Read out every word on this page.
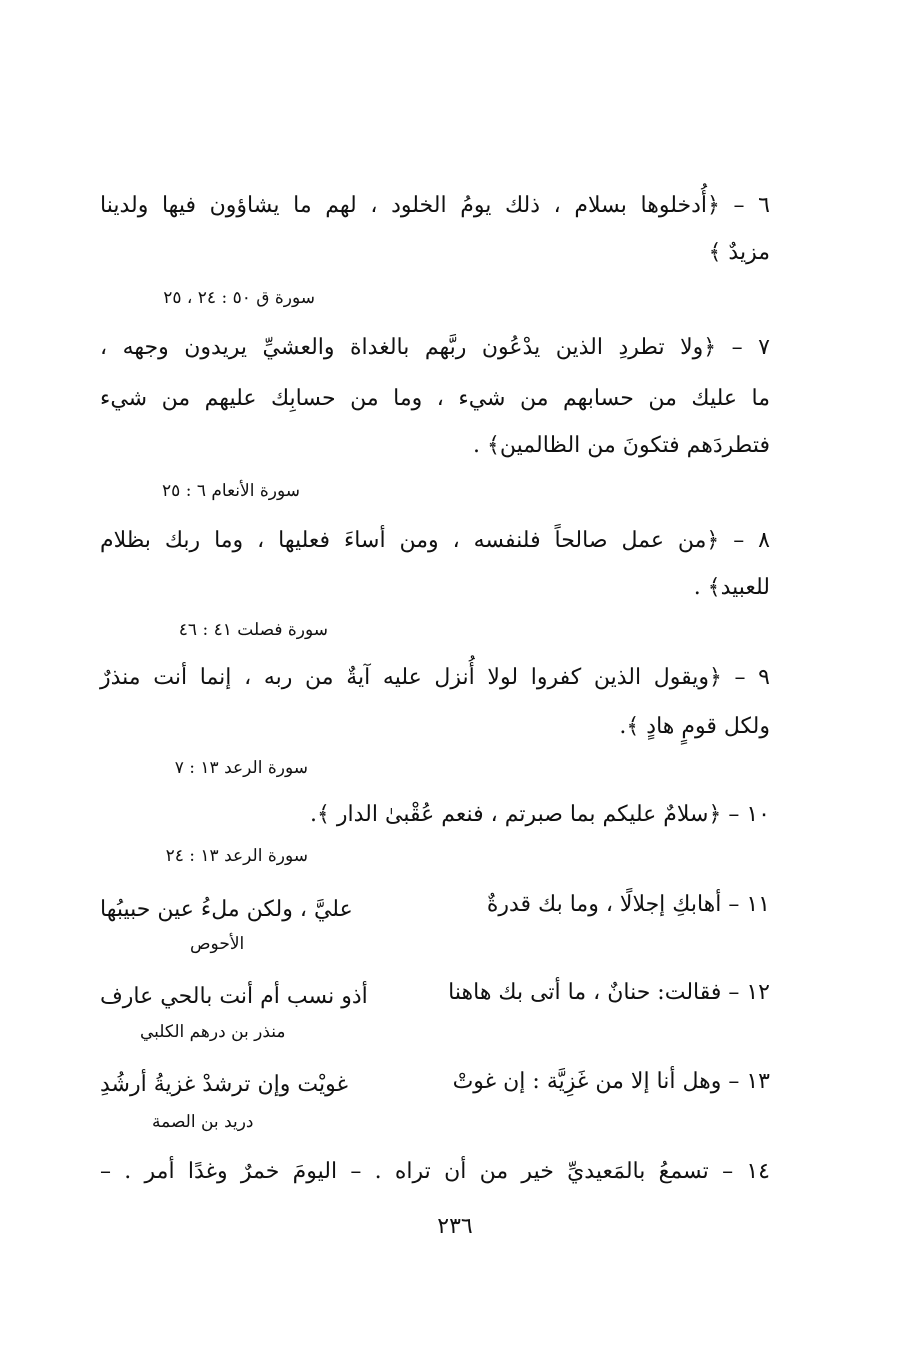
٦ – ﴿أُدخلوها بسلام ، ذلك يومُ الخلود ، لهم ما يشاؤون فيها ولدينا
مزيدٌ ﴾
سورة ق ٥٠ : ٢٤ ، ٢٥
٧ – ﴿ولا تطردِ الذين يدْعُون ربَّهم بالغداة والعشيِّ يريدون وجهه ،
ما عليك من حسابهم من شيء ، وما من حسابِك عليهم من شيء
فتطردَهم فتكونَ من الظالمين﴾ .
سورة الأنعام ٦ : ٢٥
٨ – ﴿من عمل صالحاً فلنفسه ، ومن أساءَ فعليها ، وما ربك بظلام
للعبيد﴾ .
سورة فصلت ٤١ : ٤٦
٩ – ﴿ويقول الذين كفروا لولا أُنزل عليه آيةٌ من ربه ، إنما أنت منذرٌ
ولكل قومٍ هادٍ ﴾.
سورة الرعد ١٣ : ٧
١٠ – ﴿سلامٌ عليكم بما صبرتم ، فنعم عُقْبىٰ الدار ﴾.
سورة الرعد ١٣ : ٢٤
١١ – أهابكِ إجلالًا ، وما بك قدرةٌ
عليَّ ، ولكن ملءُ عين حبيبُها
الأحوص
١٢ – فقالت: حنانٌ ، ما أتى بك هاهنا
أذو نسب أم أنت بالحي عارف
منذر بن درهم الكلبي
١٣ – وهل أنا إلا من غَزِيَّة : إن غوتْ
غويْت وإن ترشدْ غزيةُ أرشُدِ
دريد بن الصمة
١٤ – تسمعُ بالمَعيديِّ خير من أن تراه . – اليومَ خمرٌ وغدًا أمر . –
٢٣٦
